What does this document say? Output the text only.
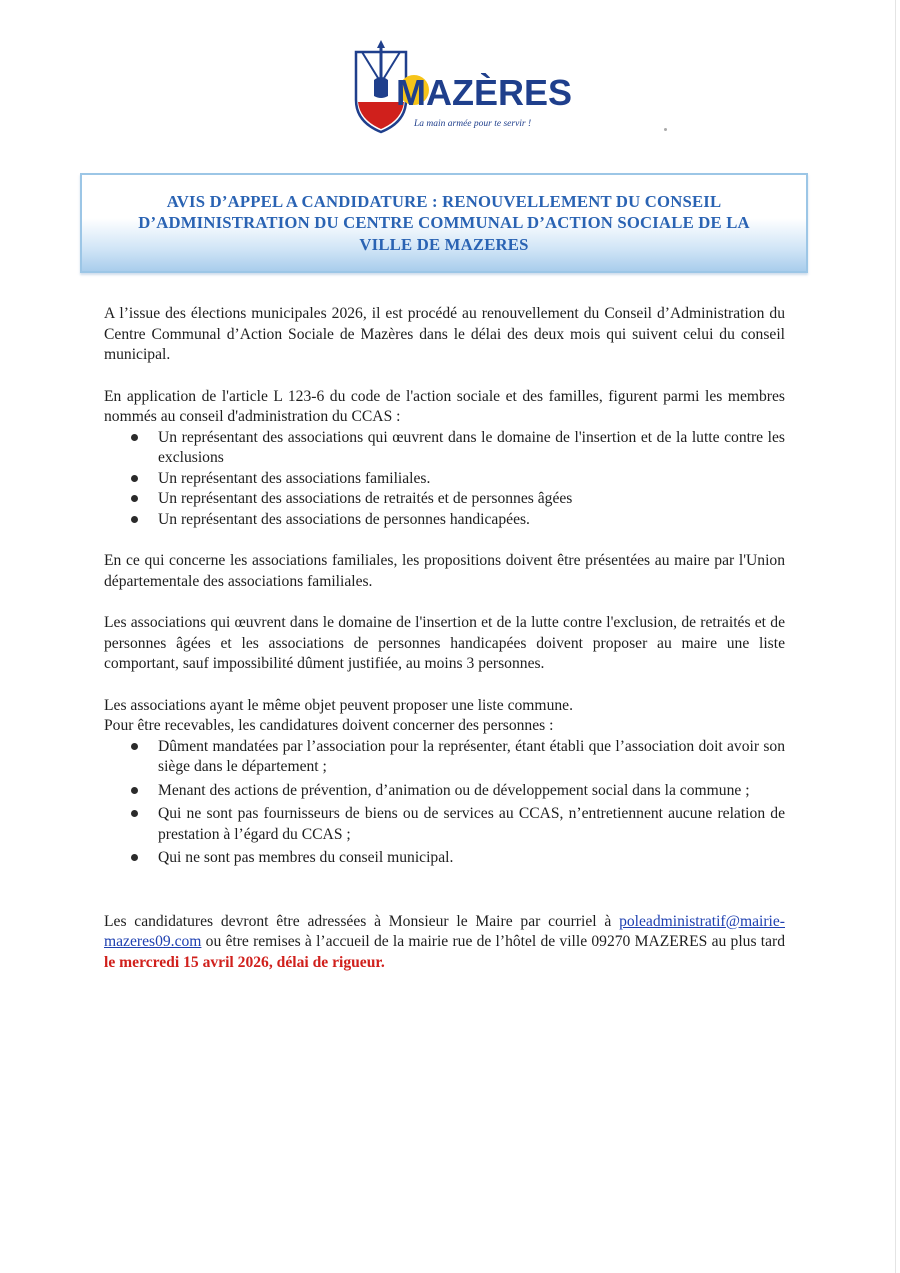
MAZÈRES
La main armée pour te servir !

AVIS D’APPEL A CANDIDATURE : RENOUVELLEMENT DU CONSEIL D’ADMINISTRATION DU CENTRE COMMUNAL D’ACTION SOCIALE DE LA VILLE DE MAZERES

A l’issue des élections municipales 2026, il est procédé au renouvellement du Conseil d’Administration du Centre Communal d’Action Sociale de Mazères dans le délai des deux mois qui suivent celui du conseil municipal.

En application de l'article L 123-6 du code de l'action sociale et des familles, figurent parmi les membres nommés au conseil d'administration du CCAS :

Un représentant des associations qui œuvrent dans le domaine de l'insertion et de la lutte contre les exclusions
Un représentant des associations familiales.
Un représentant des associations de retraités et de personnes âgées
Un représentant des associations de personnes handicapées.

En ce qui concerne les associations familiales, les propositions doivent être présentées au maire par l'Union départementale des associations familiales.

Les associations qui œuvrent dans le domaine de l'insertion et de la lutte contre l'exclusion, de retraités et de personnes âgées et les associations de personnes handicapées doivent proposer au maire une liste comportant, sauf impossibilité dûment justifiée, au moins 3 personnes.

Les associations ayant le même objet peuvent proposer une liste commune.

Pour être recevables, les candidatures doivent concerner des personnes :

Dûment mandatées par l’association pour la représenter, étant établi que l’association doit avoir son siège dans le département ;
Menant des actions de prévention, d’animation ou de développement social dans la commune ;
Qui ne sont pas fournisseurs de biens ou de services au CCAS, n’entretiennent aucune relation de prestation à l’égard du CCAS ;
Qui ne sont pas membres du conseil municipal.

Les candidatures devront être adressées à Monsieur le Maire par courriel à poleadministratif@mairie-mazeres09.com ou être remises à l’accueil de la mairie rue de l’hôtel de ville 09270 MAZERES au plus tard le mercredi 15 avril 2026, délai de rigueur.
